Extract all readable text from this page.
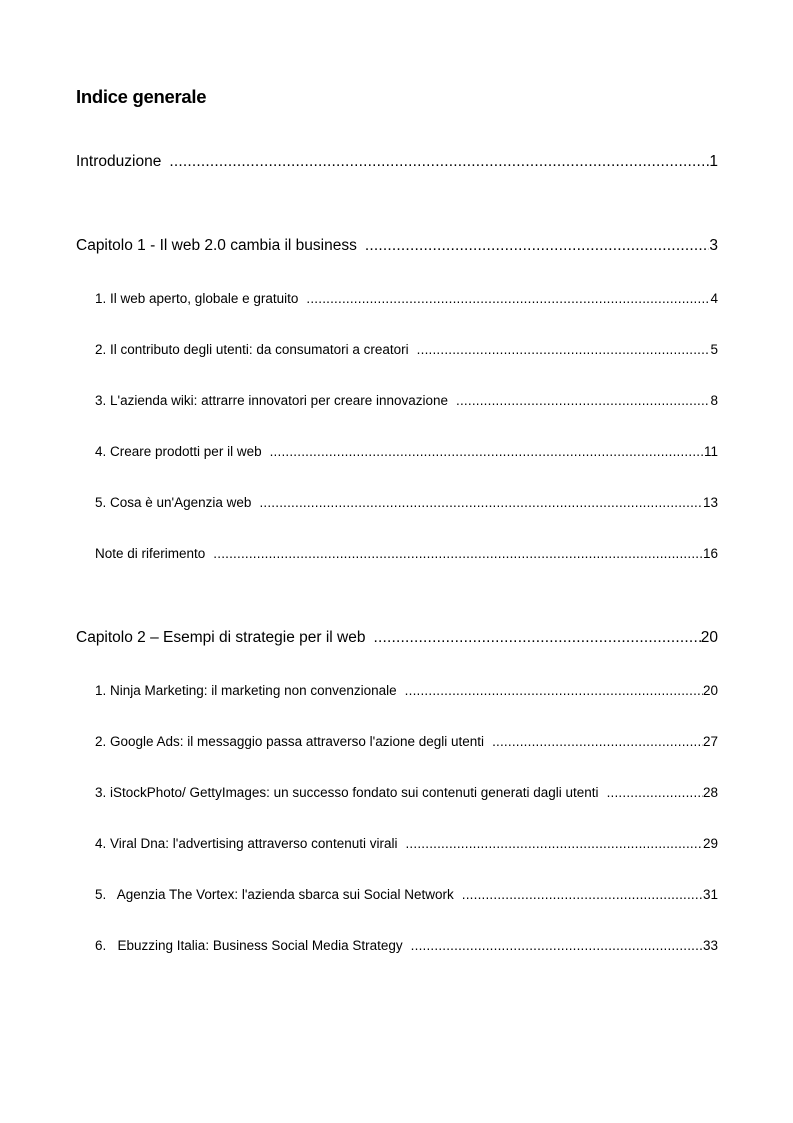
Indice generale
Introduzione .....	1
Capitolo 1 - Il web 2.0 cambia il business .....	3
1. Il web aperto, globale e gratuito .....	4
2. Il contributo degli utenti: da consumatori a creatori .....	5
3. L'azienda wiki: attrarre innovatori per creare innovazione .....	8
4. Creare prodotti per il web .....	11
5. Cosa è un'Agenzia web .....	13
Note di riferimento .....	16
Capitolo 2 – Esempi di strategie per il web .....	20
1. Ninja Marketing: il marketing non convenzionale .....	20
2. Google Ads: il messaggio passa attraverso l'azione degli utenti .....	27
3. iStockPhoto/ GettyImages: un successo fondato sui contenuti generati dagli utenti .....	28
4. Viral Dna: l'advertising attraverso contenuti virali .....	29
5.   Agenzia The Vortex: l'azienda sbarca sui Social Network .....	31
6.   Ebuzzing Italia: Business Social Media Strategy .....	33
